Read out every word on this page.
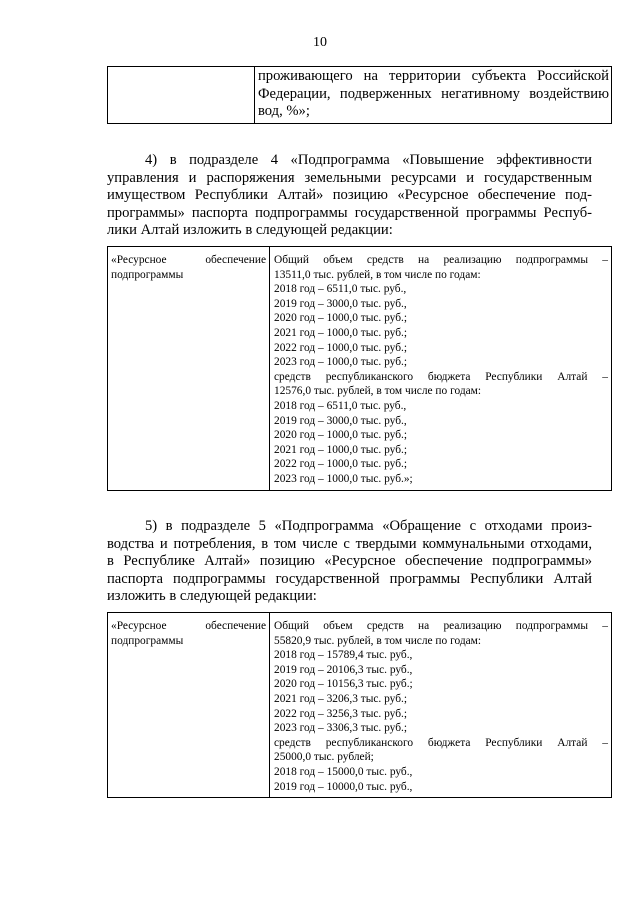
10

проживающего на территории субъекта Российской
Федерации, подверженных негативному воздействию
вод, %»;
4) в подразделе 4 «Подпрограмма «Повышение эффективности
управления и распоряжения земельными ресурсами и государственным
имуществом Республики Алтай» позицию «Ресурсное обеспечение под-
программы» паспорта подпрограммы государственной программы Респуб-
лики Алтай изложить в следующей редакции:
«Ресурсное	обеспечение
подпрограммы

Общий объем средств на реализацию подпрограммы –
13511,0 тыс. рублей, в том числе по годам:
2018 год – 6511,0 тыс. руб.,
2019 год – 3000,0 тыс. руб.,
2020 год – 1000,0 тыс. руб.;
2021 год – 1000,0 тыс. руб.;
2022 год – 1000,0 тыс. руб.;
2023 год – 1000,0 тыс. руб.;
средств республиканского бюджета Республики Алтай –
12576,0 тыс. рублей, в том числе по годам:
2018 год – 6511,0 тыс. руб.,
2019 год – 3000,0 тыс. руб.,
2020 год – 1000,0 тыс. руб.;
2021 год – 1000,0 тыс. руб.;
2022 год – 1000,0 тыс. руб.;
2023 год – 1000,0 тыс. руб.»;
5) в подразделе 5 «Подпрограмма «Обращение с отходами произ-
водства и потребления, в том числе с твердыми коммунальными отходами,
в Республике Алтай» позицию «Ресурсное обеспечение подпрограммы»
паспорта подпрограммы государственной программы Республики Алтай
изложить в следующей редакции:
«Ресурсное	обеспечение
подпрограммы

Общий объем средств на реализацию подпрограммы –
55820,9 тыс. рублей, в том числе по годам:
2018 год – 15789,4 тыс. руб.,
2019 год – 20106,3 тыс. руб.,
2020 год – 10156,3 тыс. руб.;
2021 год – 3206,3 тыс. руб.;
2022 год – 3256,3 тыс. руб.;
2023 год – 3306,3 тыс. руб.;
средств республиканского бюджета Республики Алтай –
25000,0 тыс. рублей;
2018 год – 15000,0 тыс. руб.,
2019 год – 10000,0 тыс. руб.,
